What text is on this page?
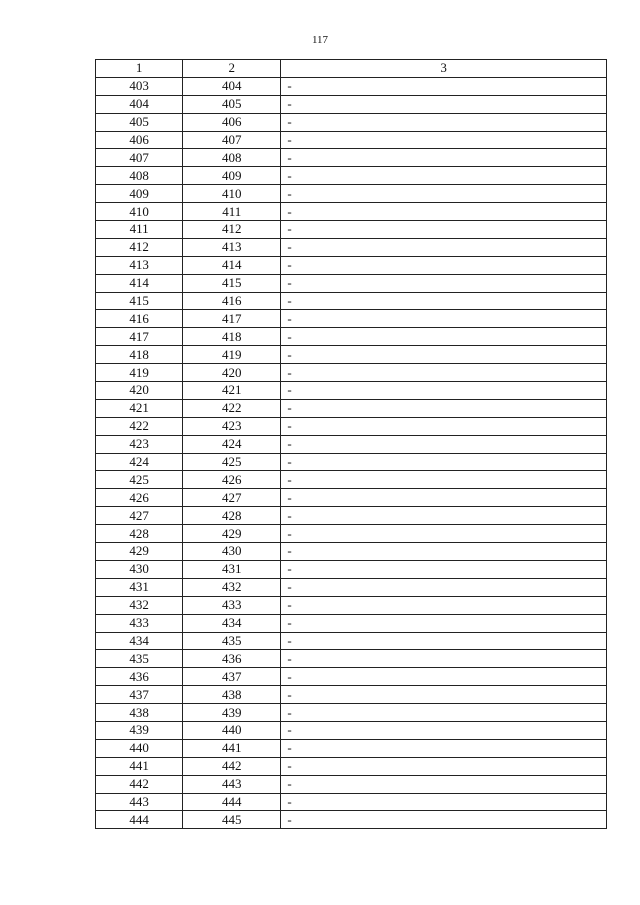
117
1	2	3
403	404	-
404	405	-
405	406	-
406	407	-
407	408	-
408	409	-
409	410	-
410	411	-
411	412	-
412	413	-
413	414	-
414	415	-
415	416	-
416	417	-
417	418	-
418	419	-
419	420	-
420	421	-
421	422	-
422	423	-
423	424	-
424	425	-
425	426	-
426	427	-
427	428	-
428	429	-
429	430	-
430	431	-
431	432	-
432	433	-
433	434	-
434	435	-
435	436	-
436	437	-
437	438	-
438	439	-
439	440	-
440	441	-
441	442	-
442	443	-
443	444	-
444	445	-
